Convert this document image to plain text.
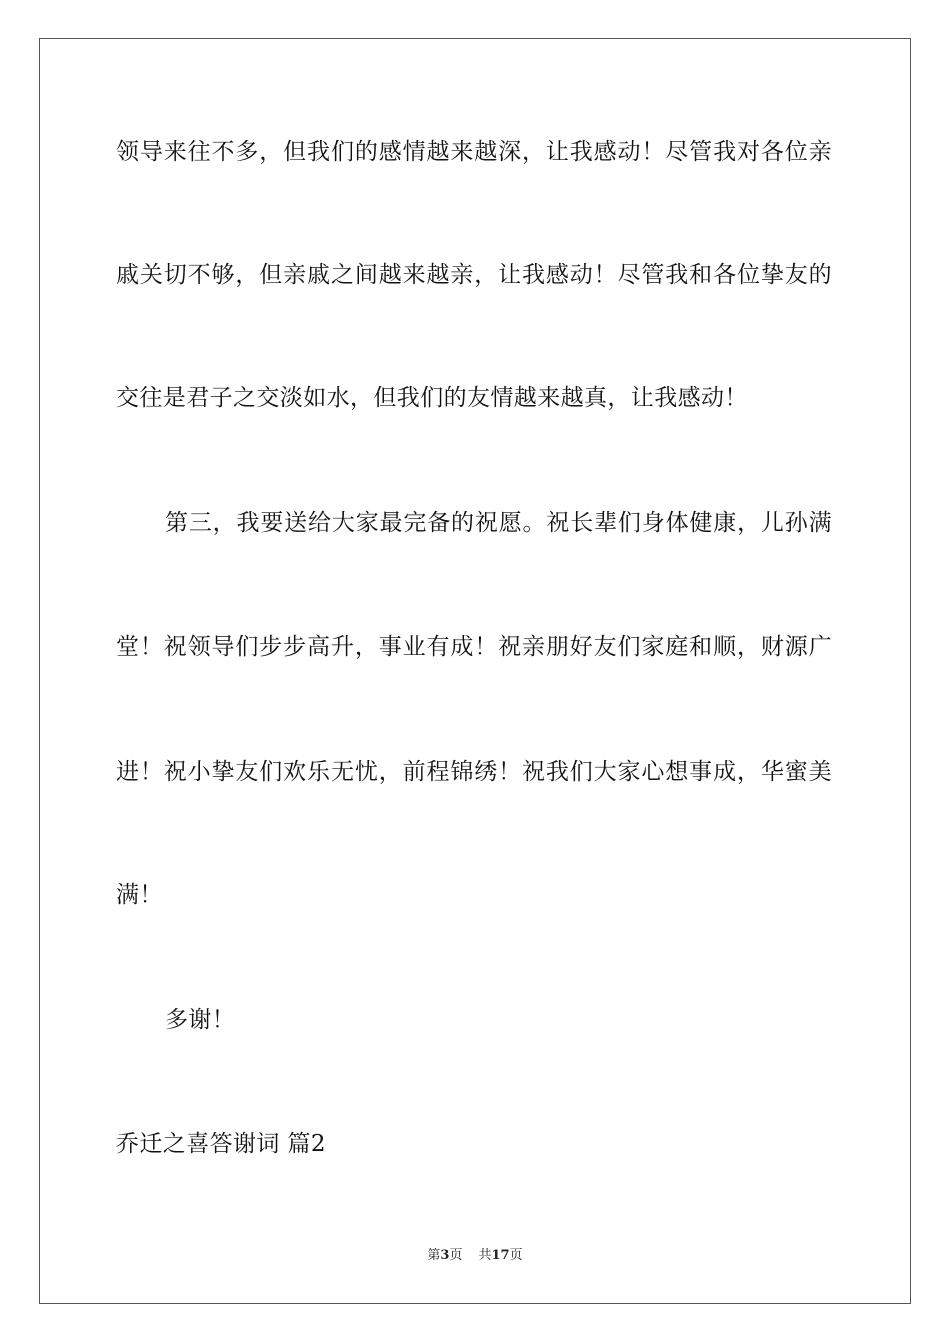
领导来往不多，但我们的感情越来越深，让我感动！尽管我对各位亲
戚关切不够，但亲戚之间越来越亲，让我感动！尽管我和各位挚友的
交往是君子之交淡如水，但我们的友情越来越真，让我感动！
第三，我要送给大家最完备的祝愿。祝长辈们身体健康，儿孙满
堂！祝领导们步步高升，事业有成！祝亲朋好友们家庭和顺，财源广
进！祝小挚友们欢乐无忧，前程锦绣！祝我们大家心想事成，华蜜美
满！
多谢！
乔迁之喜答谢词 篇2
第3页 共17页
